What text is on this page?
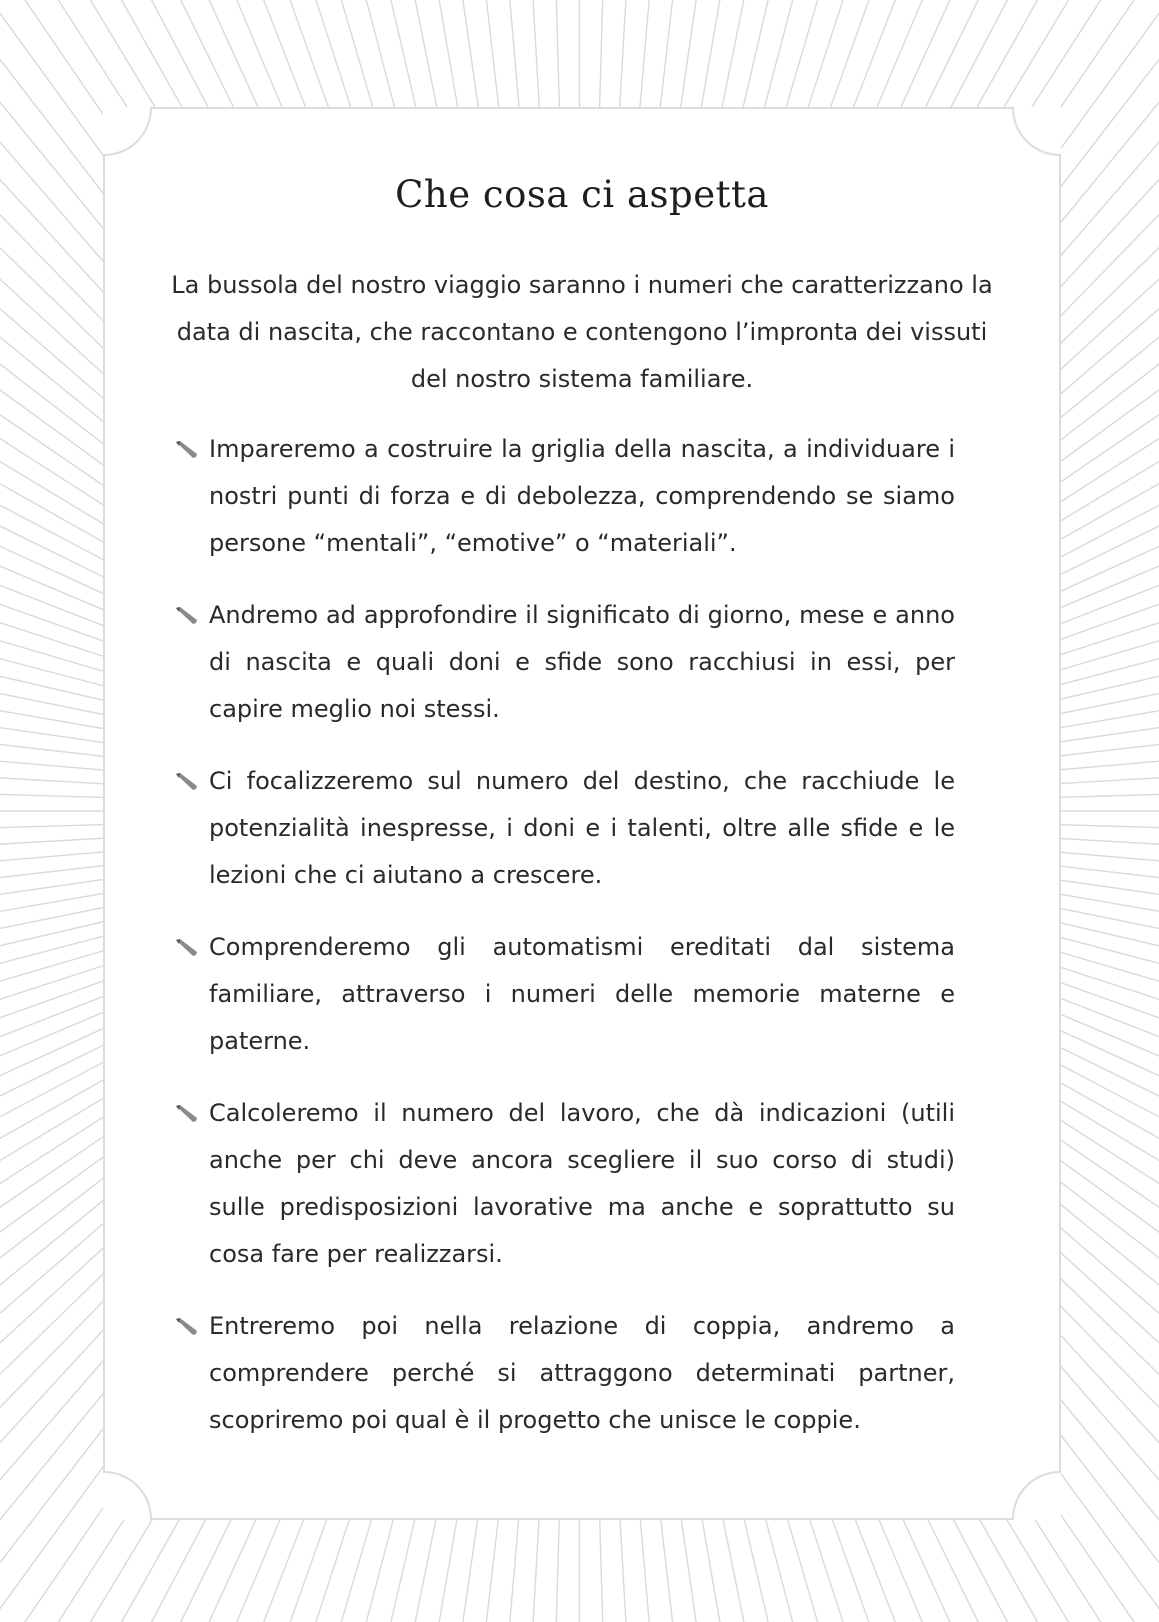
Che cosa ci aspetta

La bussola del nostro viaggio saranno i numeri che caratterizzano la data di nascita, che raccontano e contengono l’impronta dei vissuti del nostro sistema familiare.

Impareremo a costruire la griglia della nascita, a individuare i nostri punti di forza e di debolezza, comprendendo se siamo persone “mentali”, “emotive” o “materiali”.
Andremo ad approfondire il significato di giorno, mese e anno di nascita e quali doni e sfide sono racchiusi in essi, per capire meglio noi stessi.
Ci focalizzeremo sul numero del destino, che racchiude le potenzialità inespresse, i doni e i talenti, oltre alle sfide e le lezioni che ci aiutano a crescere.
Comprenderemo gli automatismi ereditati dal sistema familiare, attraverso i numeri delle memorie materne e paterne.
Calcoleremo il numero del lavoro, che dà indicazioni (utili anche per chi deve ancora scegliere il suo corso di studi) sulle predisposizioni lavorative ma anche e soprattutto su cosa fare per realizzarsi.
Entreremo poi nella relazione di coppia, andremo a comprendere perché si attraggono determinati partner, scopriremo poi qual è il progetto che unisce le coppie.
